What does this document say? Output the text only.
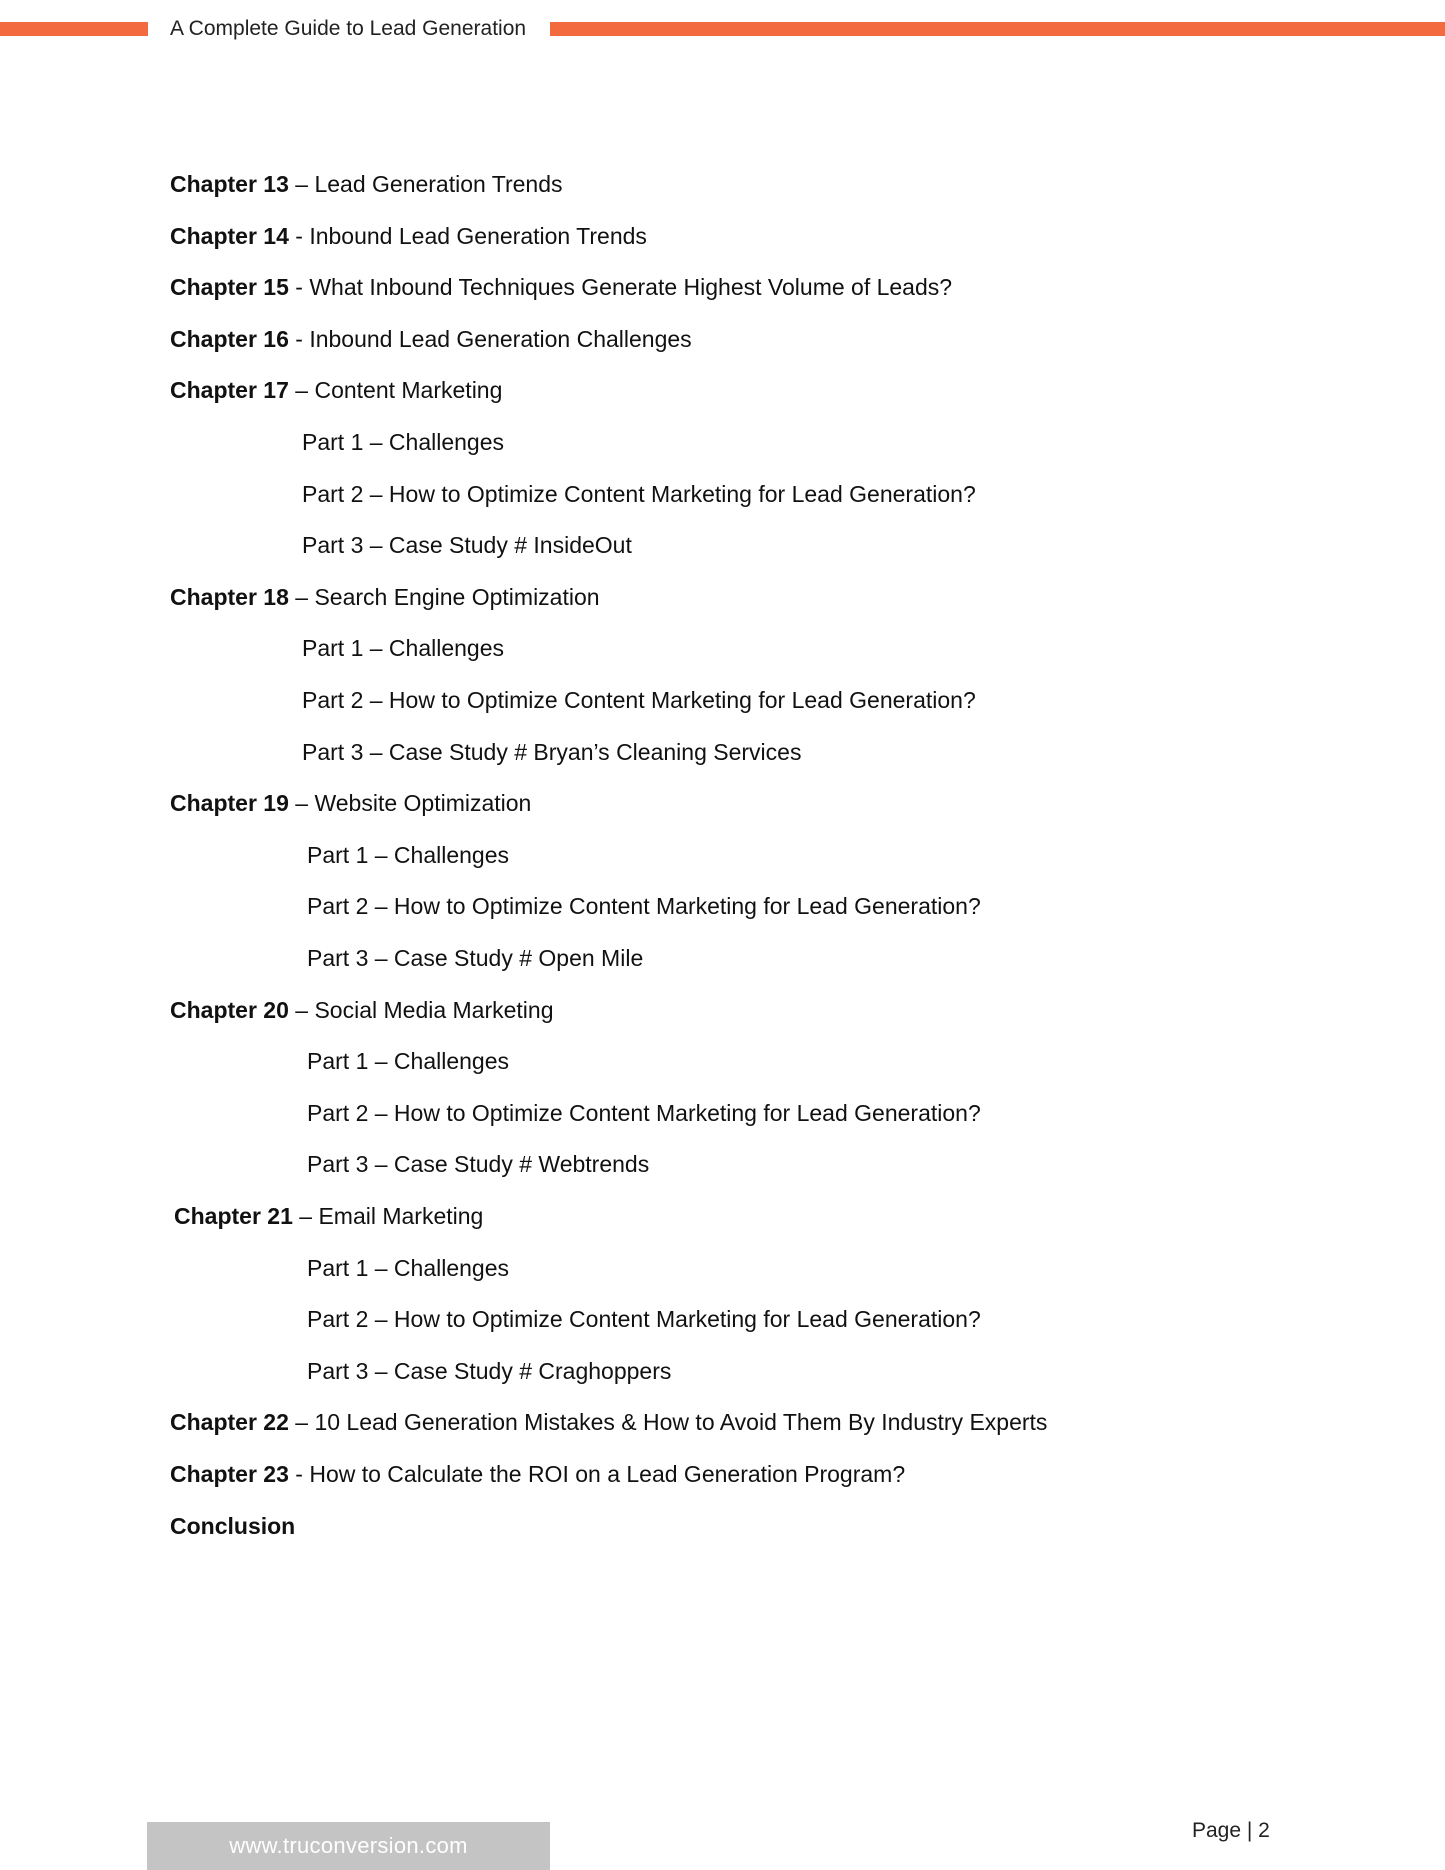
A Complete Guide to Lead Generation
Chapter 13 – Lead Generation Trends
Chapter 14 - Inbound Lead Generation Trends
Chapter 15 - What Inbound Techniques Generate Highest Volume of Leads?
Chapter 16 - Inbound Lead Generation Challenges
Chapter 17 – Content Marketing
Part 1 – Challenges
Part 2 – How to Optimize Content Marketing for Lead Generation?
Part 3 – Case Study # InsideOut
Chapter 18 – Search Engine Optimization
Part 1 – Challenges
Part 2 – How to Optimize Content Marketing for Lead Generation?
Part 3 – Case Study # Bryan’s Cleaning Services
Chapter 19 – Website Optimization
Part 1 – Challenges
Part 2 – How to Optimize Content Marketing for Lead Generation?
Part 3 – Case Study # Open Mile
Chapter 20 – Social Media Marketing
Part 1 – Challenges
Part 2 – How to Optimize Content Marketing for Lead Generation?
Part 3 – Case Study # Webtrends
Chapter 21 – Email Marketing
Part 1 – Challenges
Part 2 – How to Optimize Content Marketing for Lead Generation?
Part 3 – Case Study # Craghoppers
Chapter 22 – 10 Lead Generation Mistakes & How to Avoid Them By Industry Experts
Chapter 23 - How to Calculate the ROI on a Lead Generation Program?
Conclusion
www.truconversion.com
Page | 2
